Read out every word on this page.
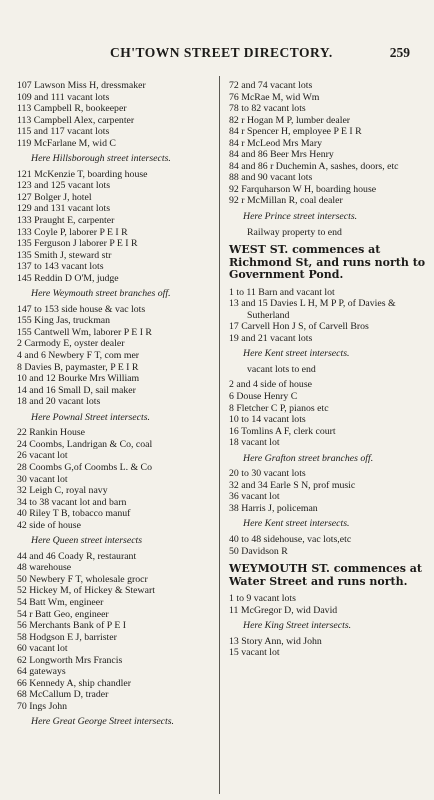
CH'TOWN STREET DIRECTORY.	259
107 Lawson Miss H, dressmaker
109 and 111 vacant lots
113 Campbell R, bookeeper
113 Campbell Alex, carpenter
115 and 117 vacant lots
119 McFarlane M, wid C
Here Hillsborough street intersects.
121 McKenzie T, boarding house
123 and 125 vacant lots
127 Bolger J, hotel
129 and 131 vacant lots
133 Praught E, carpenter
133 Coyle P, laborer P E I R
135 Ferguson J laborer P E I R
135 Smith J, steward str
137 to 143 vacant lots
145 Reddin D O'M, judge
Here Weymouth street branches off.
147 to 153 side house & vac lots
155 King Jas, truckman
155 Cantwell Wm, laborer P E I R
2 Carmody E, oyster dealer
4 and 6 Newbery F T, com mer
8 Davies B, paymaster, P E I R
10 and 12 Bourke Mrs William
14 and 16 Small D, sail maker
18 and 20 vacant lots
Here Pownal Street intersects.
22 Rankin House
24 Coombs, Landrigan & Co, coal
26 vacant lot
28 Coombs G,of Coombs L. & Co
30 vacant lot
32 Leigh C, royal navy
34 to 38 vacant lot and barn
40 Riley T B, tobacco manuf
42 side of house
Here Queen street intersects
44 and 46 Coady R, restaurant
48 warehouse
50 Newbery F T, wholesale grocr
52 Hickey M, of Hickey & Stewart
54 Batt Wm, engineer
54 r Batt Geo, engineer
56 Merchants Bank of P E I
58 Hodgson E J, barrister
60 vacant lot
62 Longworth Mrs Francis
64 gateways
66 Kennedy A, ship chandler
68 McCallum D, trader
70 Ings John
Here Great George Street intersects.
72 and 74 vacant lots
76 McRae M, wid Wm
78 to 82 vacant lots
82 r Hogan M P, lumber dealer
84 r Spencer H, employee P E I R
84 r McLeod Mrs Mary
84 and 86 Beer Mrs Henry
84 and 86 r Duchemin A, sashes, doors, etc
88 and 90 vacant lots
92 Farquharson W H, boarding house
92 r McMillan R, coal dealer
Here Prince street intersects.
Railway property to end
WEST ST. commences at Richmond St, and runs north to Government Pond.
1 to 11 Barn and vacant lot
13 and 15 Davies L H, M P P, of Davies & Sutherland
17 Carvell Hon J S, of Carvell Bros
19 and 21 vacant lots
Here Kent street intersects.
vacant lots to end
2 and 4 side of house
6 Douse Henry C
8 Fletcher C P, pianos etc
10 to 14 vacant lots
16 Tomlins A F, clerk court
18 vacant lot
Here Grafton street branches off.
20 to 30 vacant lots
32 and 34 Earle S N, prof music
36 vacant lot
38 Harris J, policeman
Here Kent street intersects.
40 to 48 sidehouse, vac lots,etc
50 Davidson R
WEYMOUTH ST. commences at Water Street and runs north.
1 to 9 vacant lots
11 McGregor D, wid David
Here King Street intersects.
13 Story Ann, wid John
15 vacant lot
